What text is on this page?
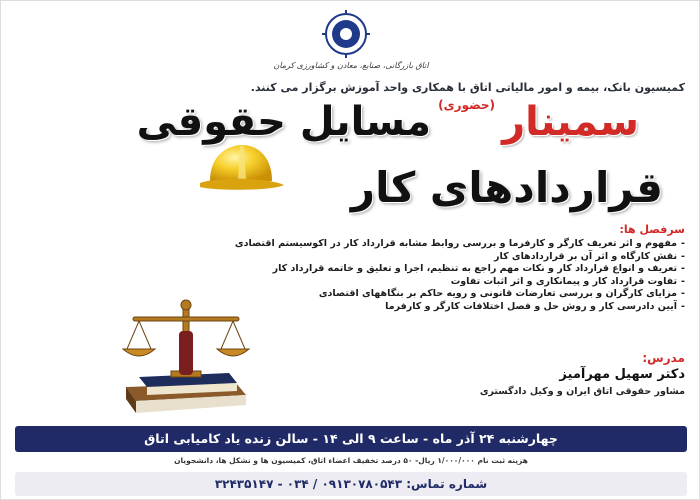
اتاق بازرگانی، صنایع، معادن و کشاورزی کرمان
کمیسیون بانک، بیمه و امور مالیاتی اتاق با همکاری واحد آموزش برگزار می کنند.
سمینار $^{(حضوری)}$ مسایل حقوقی
قراردادهای کار
سرفصل ها:
-مفهوم و اثر تعریف کارگر و کارفرما و بررسی روابط مشابه قرارداد کار در اکوسیستم اقتصادی
-نقش کارگاه و اثر آن بر قراردادهای کار
-تعریف و انواع قرارداد کار و نکات مهم راجع به تنظیم، اجرا و تعلیق و خاتمه قرارداد کار
-تفاوت قرارداد کار و پیمانکاری و اثر اثبات تفاوت
-مزایای کارگران و بررسی تعارضات قانونی و رویه حاکم بر بنگاههای اقتصادی
-آیین دادرسی کار و روش حل و فصل اختلافات کارگر و کارفرما
مدرس:
دکتر سهیل مهرآمیز
مشاور حقوقی اتاق ایران و وکیل دادگستری
چهارشنبه ۲۴ آذر ماه - ساعت ۹ الی ۱۴ - سالن زنده یاد کامیابی اتاق
هزینه ثبت نام ۱/۰۰۰/۰۰۰ ریال- ۵۰ درصد تخفیف اعضاء اتاق، کمیسیون ها و تشکل ها، دانشجویان
شماره تماس: ۰۹۱۳۰۷۸۰۵۴۳ / ۰۳۴ - ۳۲۴۳۵۱۴۷
